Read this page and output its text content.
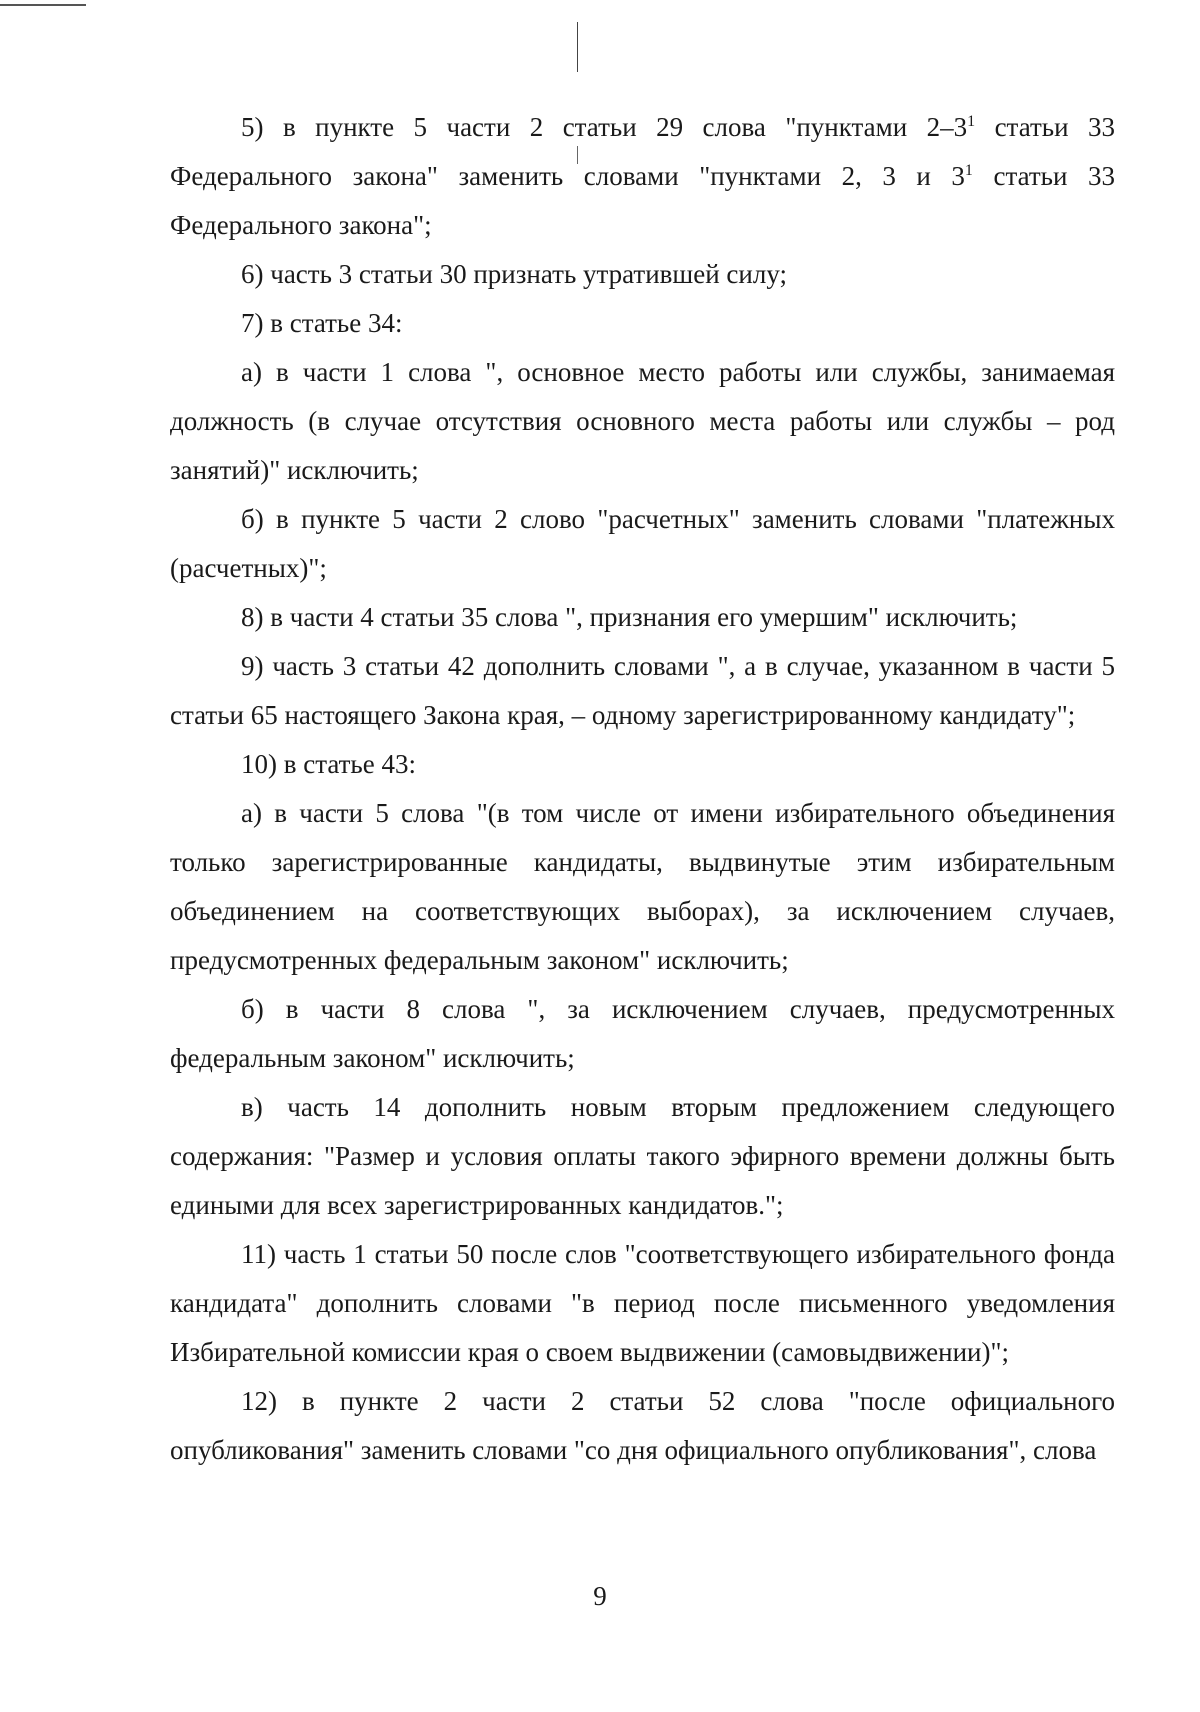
5) в пункте 5 части 2 статьи 29 слова "пунктами $2-3^1$ статьи 33 Федерального закона" заменить словами "пунктами 2, 3 и $3^1$ статьи 33 Федерального закона";

6) часть 3 статьи 30 признать утратившей силу;

7) в статье 34:

а) в части 1 слова ", основное место работы или службы, занимаемая должность (в случае отсутствия основного места работы или службы – род занятий)" исключить;

б) в пункте 5 части 2 слово "расчетных" заменить словами "платежных (расчетных)";

8) в части 4 статьи 35 слова ", признания его умершим" исключить;

9) часть 3 статьи 42 дополнить словами ", а в случае, указанном в части 5 статьи 65 настоящего Закона края, – одному зарегистрированному кандидату";

10) в статье 43:

а) в части 5 слова "(в том числе от имени избирательного объединения только зарегистрированные кандидаты, выдвинутые этим избирательным объединением на соответствующих выборах), за исключением случаев, предусмотренных федеральным законом" исключить;

б) в части 8 слова ", за исключением случаев, предусмотренных федеральным законом" исключить;

в) часть 14 дополнить новым вторым предложением следующего содержания: "Размер и условия оплаты такого эфирного времени должны быть едиными для всех зарегистрированных кандидатов.";

11) часть 1 статьи 50 после слов "соответствующего избирательного фонда кандидата" дополнить словами "в период после письменного уведомления Избирательной комиссии края о своем выдвижении (самовыдвижении)";

12) в пункте 2 части 2 статьи 52 слова "после официального опубликования" заменить словами "со дня официального опубликования", слова

9
